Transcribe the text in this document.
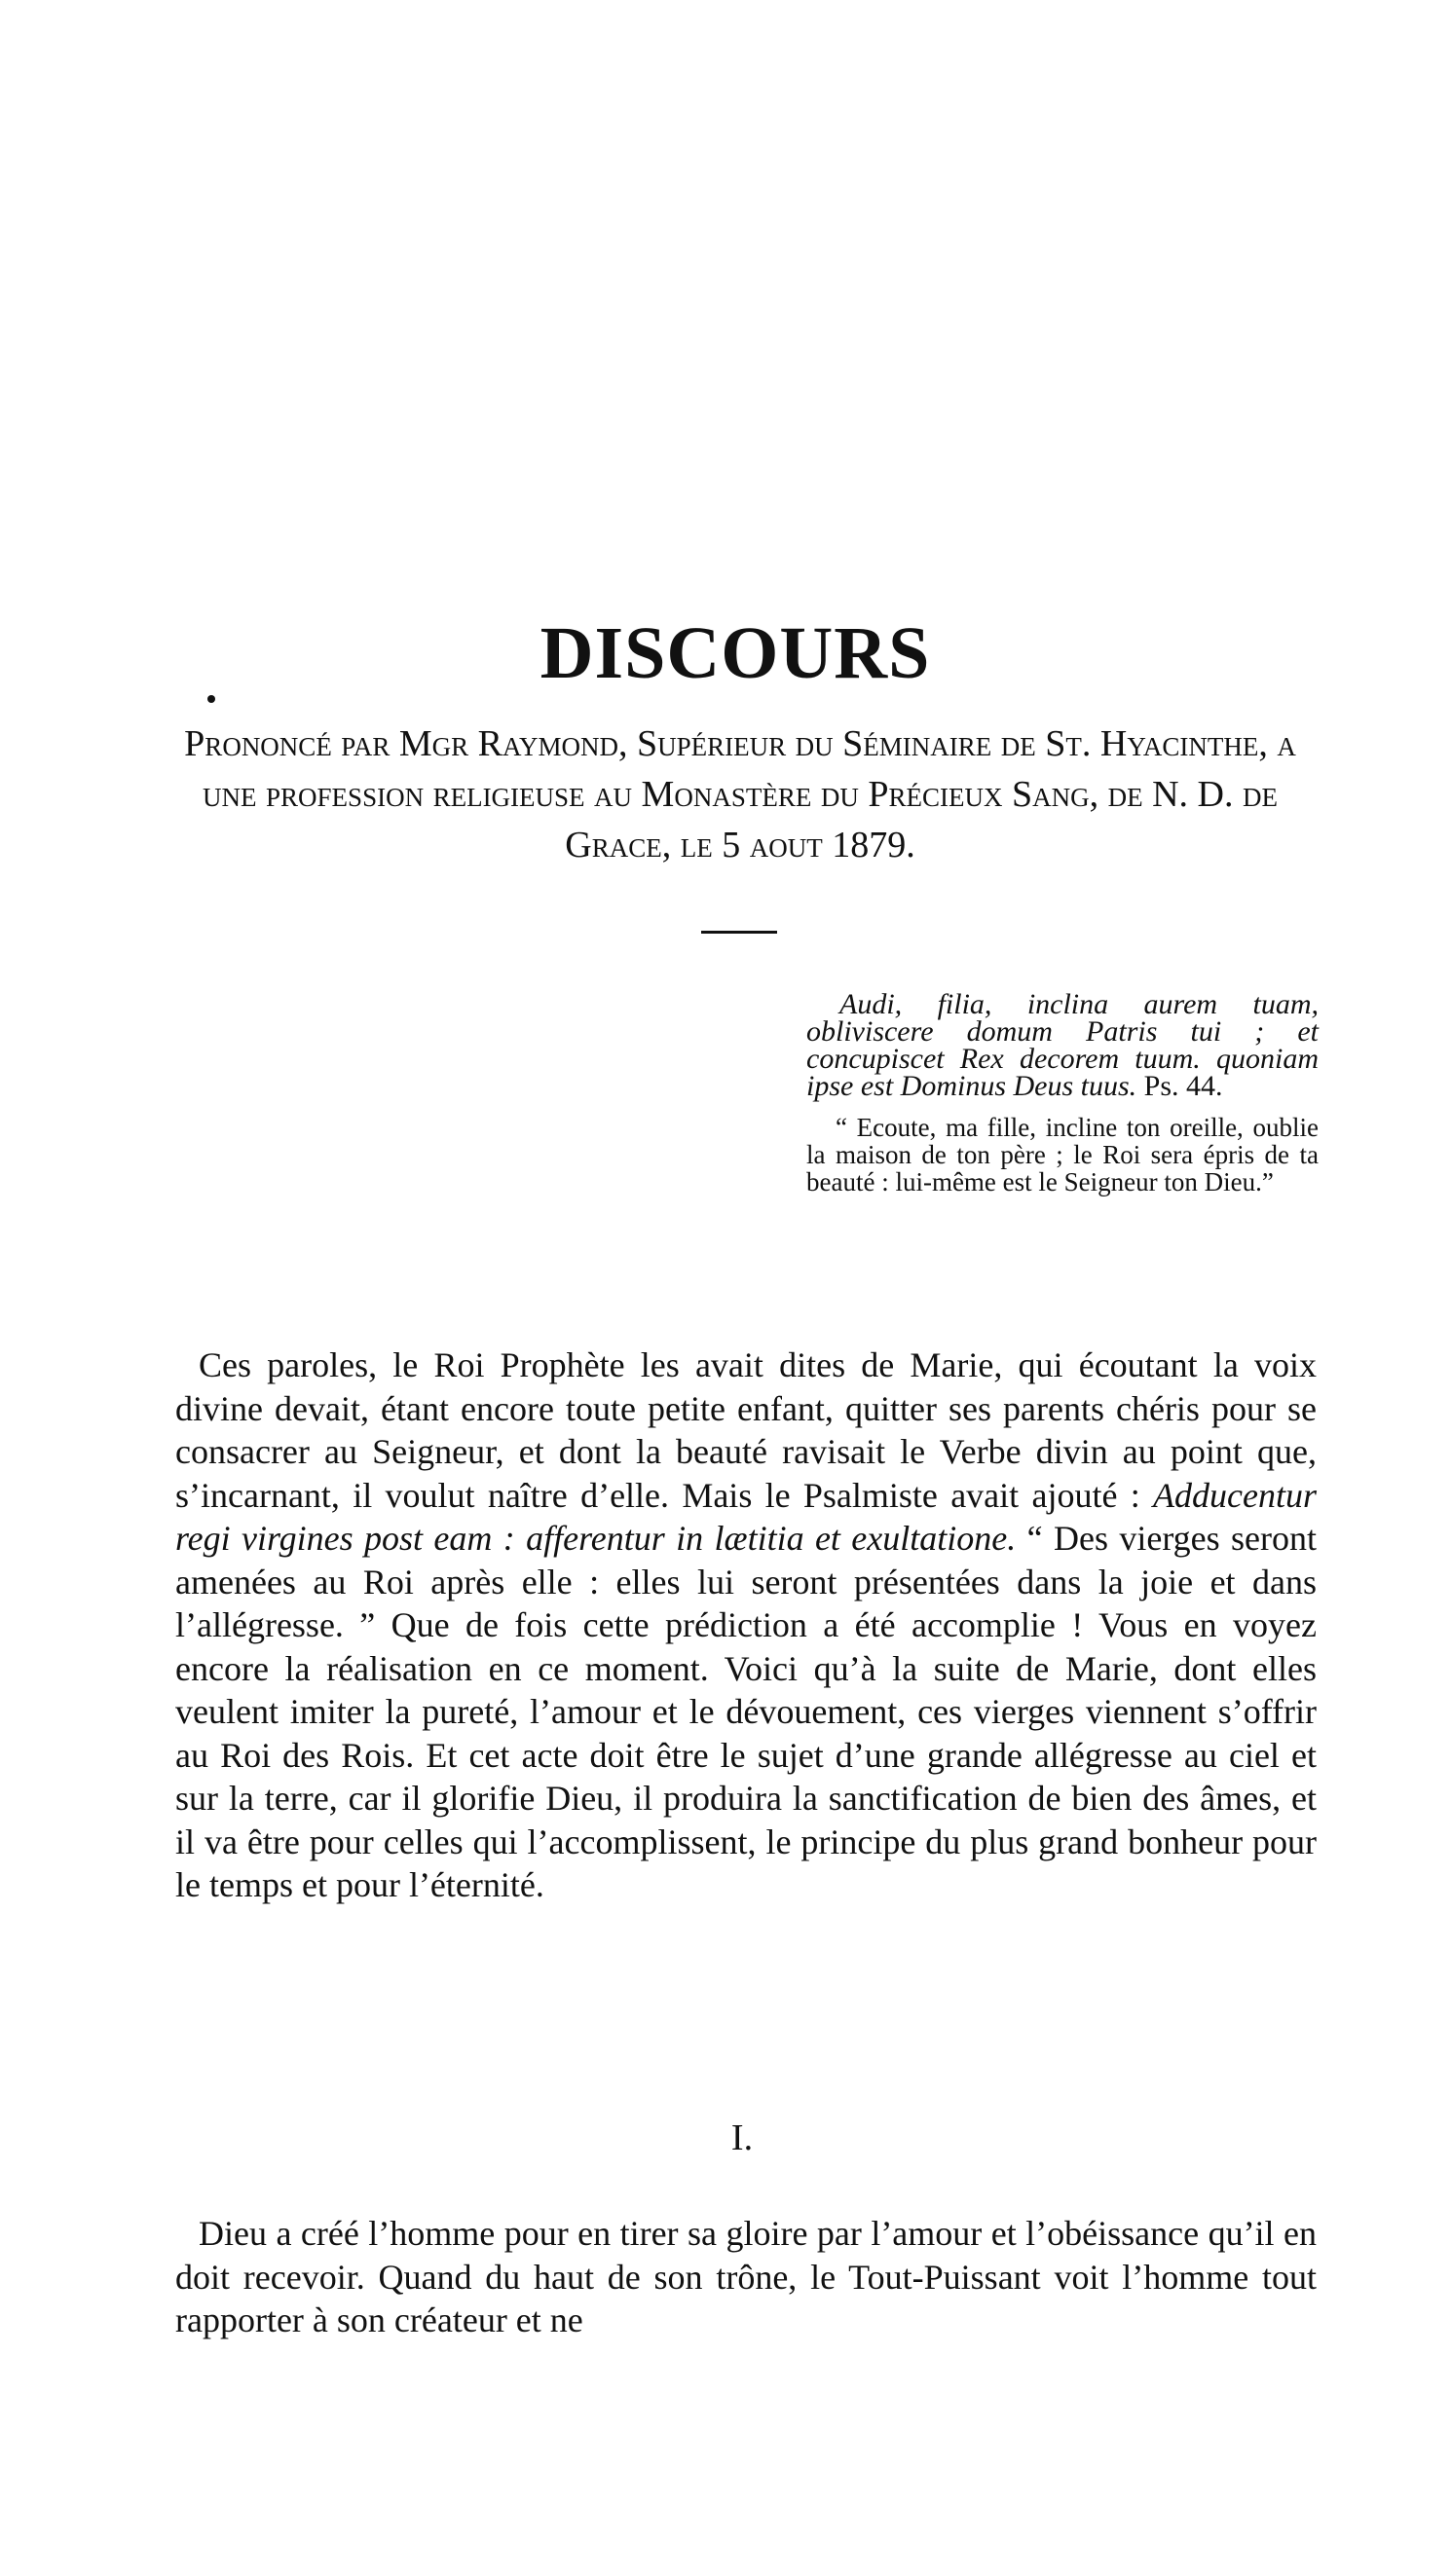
DISCOURS

Prononcé par Mgr Raymond, Supérieur du Séminaire de St. Hyacinthe, a une profession religieuse au Monastère du Précieux Sang, de N. D. de Grace, le 5 aout 1879.

Audi, filia, inclina aurem tuam, obliviscere domum Patris tui ; et concupiscet Rex decorem tuum. quoniam ipse est Dominus Deus tuus. Ps. 44.

“ Ecoute, ma fille, incline ton oreille, oublie la maison de ton père ; le Roi sera épris de ta beauté : lui-même est le Seigneur ton Dieu.”

Ces paroles, le Roi Prophète les avait dites de Marie, qui écoutant la voix divine devait, étant encore toute petite enfant, quitter ses parents chéris pour se consacrer au Seigneur, et dont la beauté ravisait le Verbe divin au point que, s’incarnant, il voulut naître d’elle. Mais le Psalmiste avait ajouté : Adducentur regi virgines post eam : afferentur in lætitia et exultatione. “ Des vierges seront amenées au Roi après elle : elles lui seront présentées dans la joie et dans l’allégresse. ” Que de fois cette prédiction a été accomplie ! Vous en voyez encore la réalisation en ce moment. Voici qu’à la suite de Marie, dont elles veulent imiter la pureté, l’amour et le dévouement, ces vierges viennent s’offrir au Roi des Rois. Et cet acte doit être le sujet d’une grande allégresse au ciel et sur la terre, car il glorifie Dieu, il produira la sanctification de bien des âmes, et il va être pour celles qui l’accomplissent, le principe du plus grand bonheur pour le temps et pour l’éternité.

I.

Dieu a créé l’homme pour en tirer sa gloire par l’amour et l’obéissance qu’il en doit recevoir. Quand du haut de son trône, le Tout-Puissant voit l’homme tout rapporter à son créateur et ne
